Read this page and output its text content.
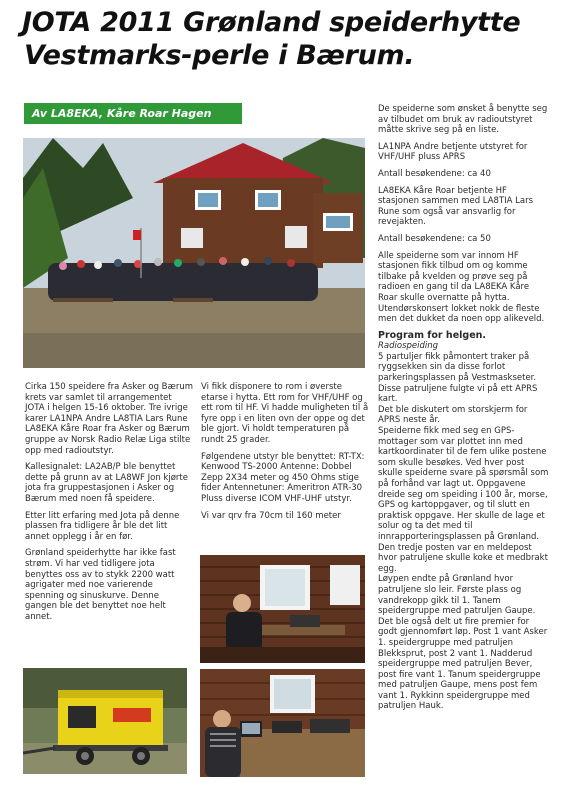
JOTA 2011 Grønland speiderhytte
Vestmarks-perle i Bærum.
Av LA8EKA, Kåre Roar Hagen

Cirka 150 speidere fra Asker og Bærum krets var samlet til arrangementet JOTA i helgen 15-16 oktober. Tre ivrige karer LA1NPA Andre LA8TIA Lars Rune LA8EKA Kåre Roar fra Asker og Bærum gruppe av Norsk Radio Relæ Liga stilte opp med radioutstyr.

Kallesignalet: LA2AB/P ble benyttet dette på grunn av at LA8WF Jon kjørte jota fra gruppestasjonen i Asker og Bærum med noen få speidere.

Etter litt erfaring med Jota på denne plassen fra tidligere år ble det litt annet opplegg i år en før.

Grønland speiderhytte har ikke fast strøm. Vi har ved tidligere jota benyttes oss av to stykk 2200 watt agrigater med noe varierende spenning og sinuskurve. Denne gangen ble det benyttet noe helt annet.

Vi fikk disponere to rom i øverste etarse i hytta. Ett rom for VHF/UHF og ett rom til HF. Vi hadde muligheten til å fyre opp i en liten ovn der oppe og det ble gjort. Vi holdt temperaturen på rundt 25 grader.

Følgendene utstyr ble benyttet: RT-TX: Kenwood TS-2000 Antenne: Dobbel Zepp 2X34 meter og 450 Ohms stige fider Antennetuner: Ameritron ATR-30 Pluss diverse ICOM VHF-UHF utstyr.

Vi var qrv fra 70cm til 160 meter

De speiderne som ønsket å benytte seg av tilbudet om bruk av radioutstyret måtte skrive seg på en liste.

LA1NPA Andre betjente utstyret for VHF/UHF pluss APRS

Antall besøkendene: ca 40

LA8EKA Kåre Roar betjente HF stasjonen sammen med LA8TIA Lars Rune som også var ansvarlig for revejakten.

Antall besøkendene: ca 50

Alle speiderne som var innom HF stasjonen fikk tilbud om og komme tilbake på kvelden og prøve seg på radioen en gang til da LA8EKA Kåre Roar skulle overnatte på hytta. Utendørskonsert lokket nokk de fleste men det dukket da noen opp alikeveld.

Program for helgen.
Radiospeiding
5 partuljer fikk påmontert traker på ryggsekken sin da disse forlot parkeringsplassen på Vestmaskseter. Disse patruljene fulgte vi på ett APRS kart.
Det ble diskutert om storskjerm for APRS neste år.
Speiderne fikk med seg en GPS-mottager som var plottet inn med kartkoordinater til de fem ulike postene som skulle besøkes. Ved hver post skulle speiderne svare på spørsmål som på forhånd var lagt ut. Oppgavene dreide seg om speiding i 100 år, morse, GPS og kartoppgaver, og til slutt en praktisk oppgave. Her skulle de lage et solur og ta det med til innrapporteringsplassen på Grønland. Den tredje posten var en meldepost hvor patruljene skulle koke et medbrakt egg.
Løypen endte på Grønland hvor patruljene slo leir. Første plass og vandrekopp gikk til 1. Tanem speidergruppe med patruljen Gaupe. Det ble også delt ut fire premier for godt gjennomført løp. Post 1 vant Asker 1. speidergruppe med patruljen Blekksprut, post 2 vant 1. Nadderud speidergruppe med patruljen Bever, post fire vant 1. Tanum speidergruppe med patruljen Gaupe, mens post fem vant 1. Rykkinn speidergruppe med patruljen Hauk.
